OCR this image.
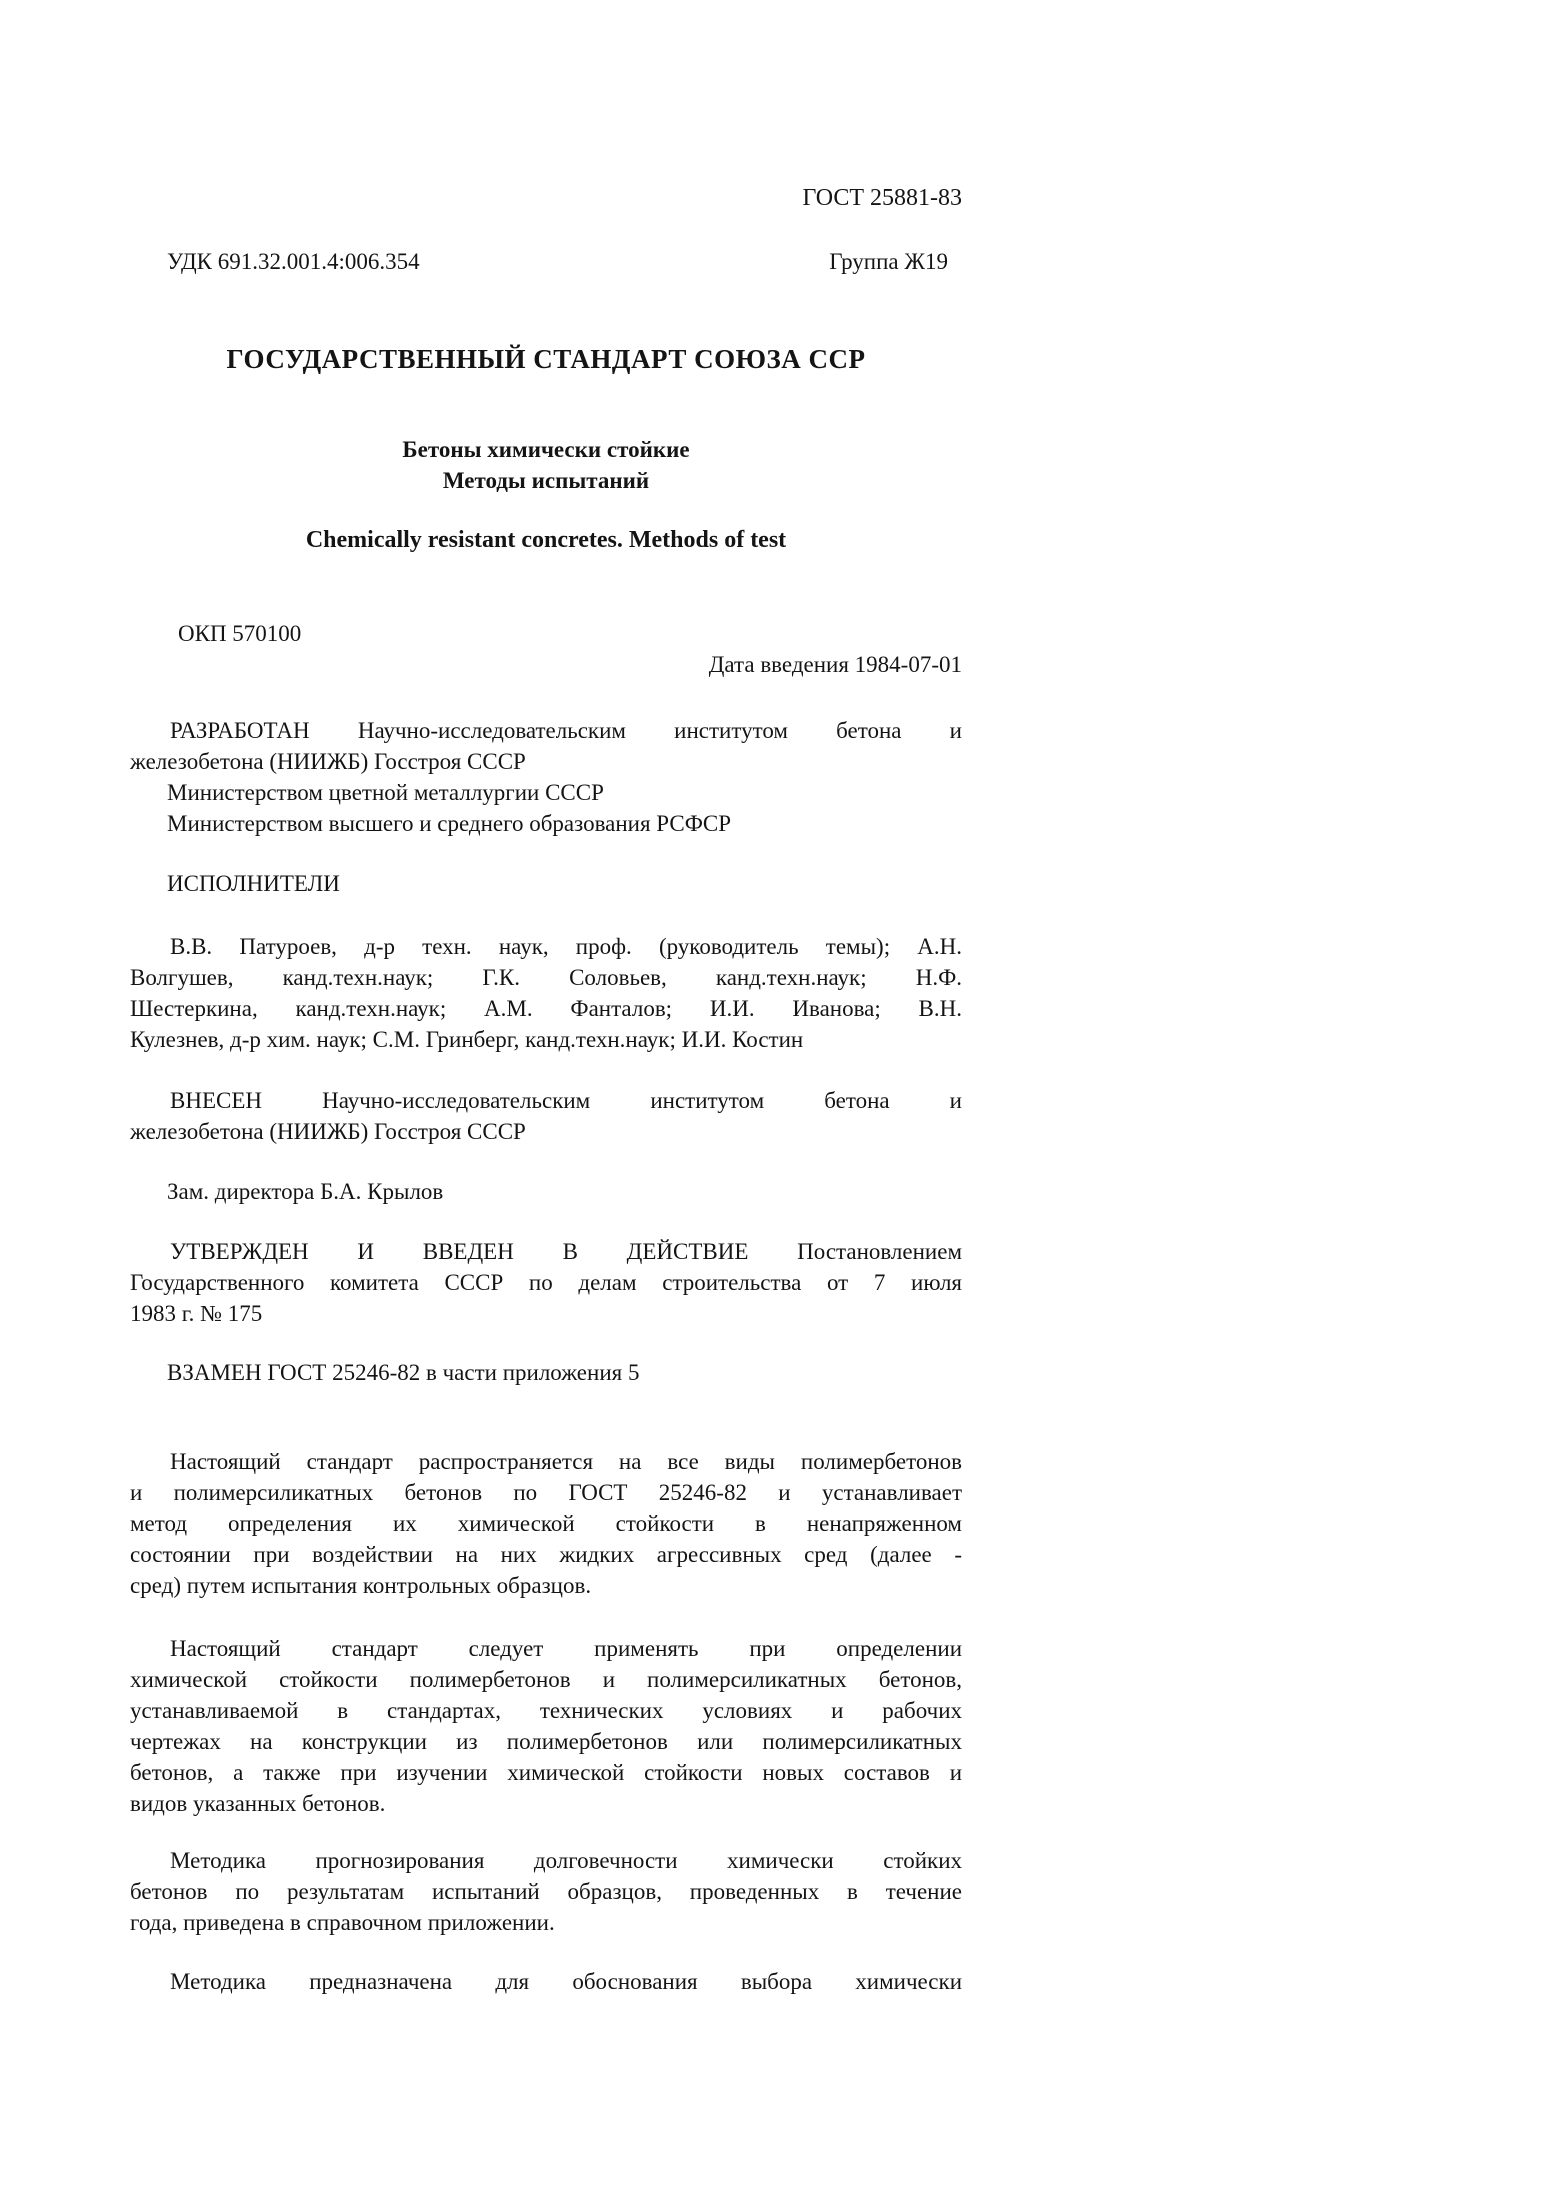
ГОСТ 25881-83
УДК 691.32.001.4:006.354	Группа Ж19
ГОСУДАРСТВЕННЫЙ СТАНДАРТ СОЮЗА ССР
Бетоны химически стойкие
Методы испытаний
Chemically resistant concretes. Methods of test
ОКП 570100
Дата введения 1984-07-01
РАЗРАБОТАН Научно-исследовательским институтом бетона и
железобетона (НИИЖБ) Госстроя СССР
Министерством цветной металлургии СССР
Министерством высшего и среднего образования РСФСР
ИСПОЛНИТЕЛИ
В.В. Патуроев, д-р техн. наук, проф. (руководитель темы); А.Н.
Волгушев, канд.техн.наук; Г.К. Соловьев, канд.техн.наук; Н.Ф.
Шестеркина, канд.техн.наук; А.М. Фанталов; И.И. Иванова; В.Н.
Кулезнев, д-р хим. наук; С.М. Гринберг, канд.техн.наук; И.И. Костин
ВНЕСЕН Научно-исследовательским институтом бетона и
железобетона (НИИЖБ) Госстроя СССР
Зам. директора Б.А. Крылов
УТВЕРЖДЕН И ВВЕДЕН В ДЕЙСТВИЕ Постановлением
Государственного комитета СССР по делам строительства от 7 июля
1983 г. № 175
ВЗАМЕН ГОСТ 25246-82 в части приложения 5
Настоящий стандарт распространяется на все виды полимербетонов
и полимерсиликатных бетонов по ГОСТ 25246-82 и устанавливает
метод определения их химической стойкости в ненапряженном
состоянии при воздействии на них жидких агрессивных сред (далее -
сред) путем испытания контрольных образцов.
Настоящий стандарт следует применять при определении
химической стойкости полимербетонов и полимерсиликатных бетонов,
устанавливаемой в стандартах, технических условиях и рабочих
чертежах на конструкции из полимербетонов или полимерсиликатных
бетонов, а также при изучении химической стойкости новых составов и
видов указанных бетонов.
Методика прогнозирования долговечности химически стойких
бетонов по результатам испытаний образцов, проведенных в течение
года, приведена в справочном приложении.
Методика предназначена для обоснования выбора химически
